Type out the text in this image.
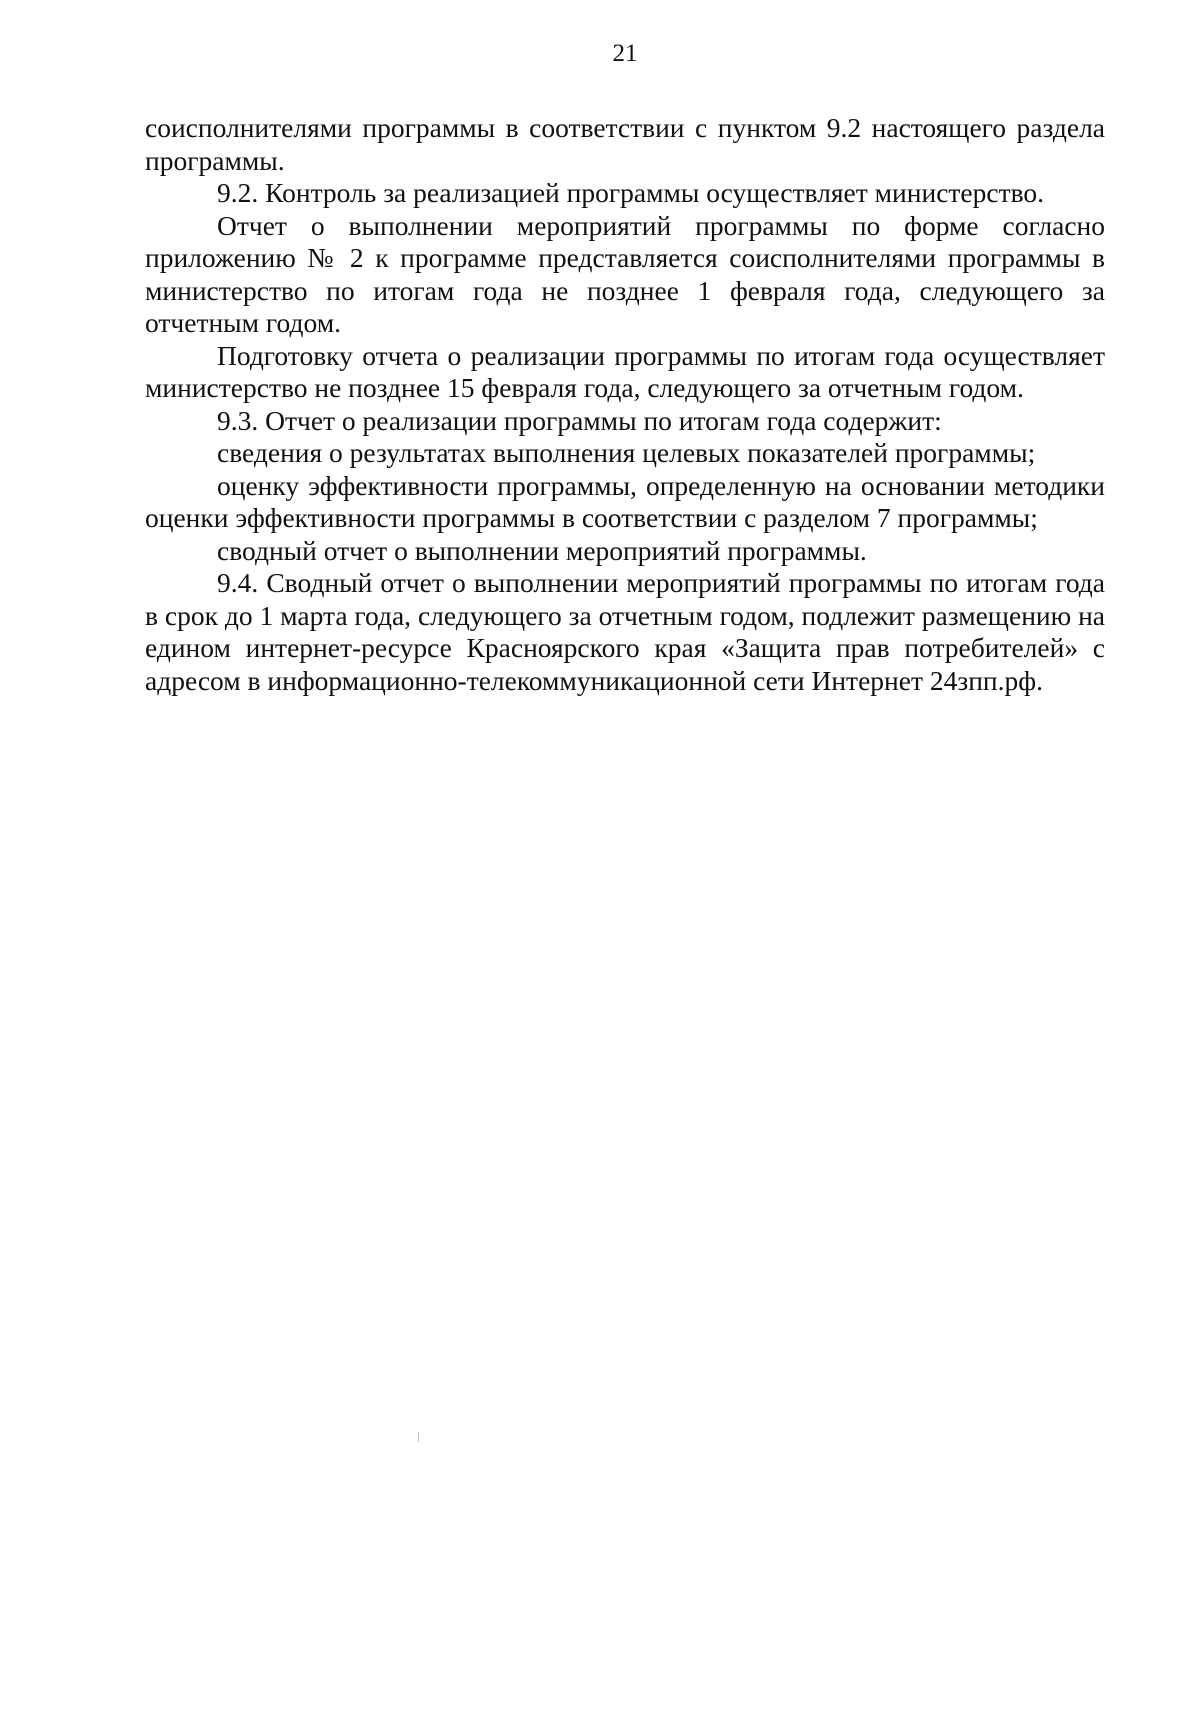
21

соисполнителями программы в соответствии с пунктом 9.2 настоящего раздела программы.

9.2. Контроль за реализацией программы осуществляет министерство.

Отчет о выполнении мероприятий программы по форме согласно приложению № 2 к программе представляется соисполнителями программы в министерство по итогам года не позднее 1 февраля года, следующего за отчетным годом.

Подготовку отчета о реализации программы по итогам года осуществляет министерство не позднее 15 февраля года, следующего за отчетным годом.

9.3. Отчет о реализации программы по итогам года содержит:

сведения о результатах выполнения целевых показателей программы;

оценку эффективности программы, определенную на основании методики оценки эффективности программы в соответствии с разделом 7 программы;

сводный отчет о выполнении мероприятий программы.

9.4. Сводный отчет о выполнении мероприятий программы по итогам года в срок до 1 марта года, следующего за отчетным годом, подлежит размещению на едином интернет-ресурсе Красноярского края «Защита прав потребителей» с адресом в информационно-телекоммуникационной сети Интернет 24зпп.рф.
